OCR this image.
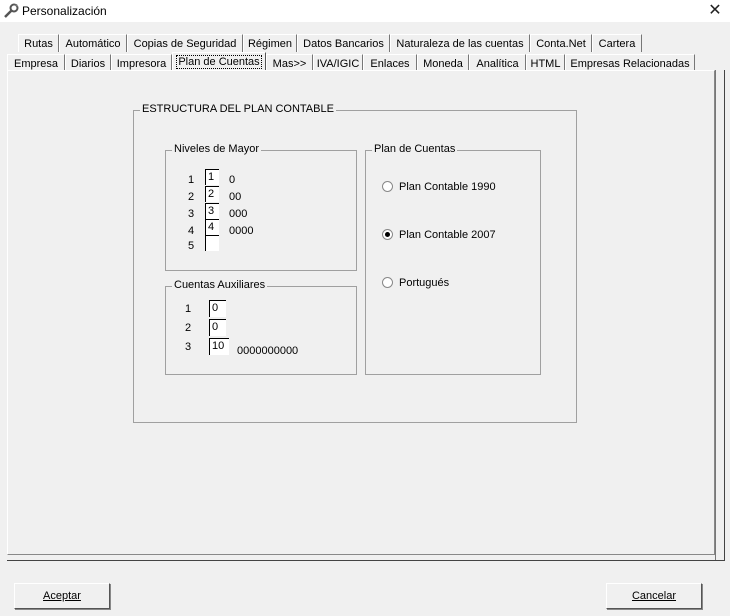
Personalización	✕
Rutas	Automático	Copias de Seguridad	Régimen	Datos Bancarios	Naturaleza de las cuentas	Conta.Net	Cartera
Empresa	Diarios	Impresora	Plan de Cuentas	Mas>> IVA/IGIC	Enlaces	Moneda	Analítica	HTML Empresas Relacionadas
ESTRUCTURA DEL PLAN CONTABLE
Niveles de Mayor
1 1	0
2 2	00
3 3	000
4 4	0000
5
Cuentas Auxiliares
1 0
2 0
3 10	0000000000
Plan de Cuentas
Plan Contable 1990
Plan Contable 2007
Portugués
Aceptar	Cancelar
